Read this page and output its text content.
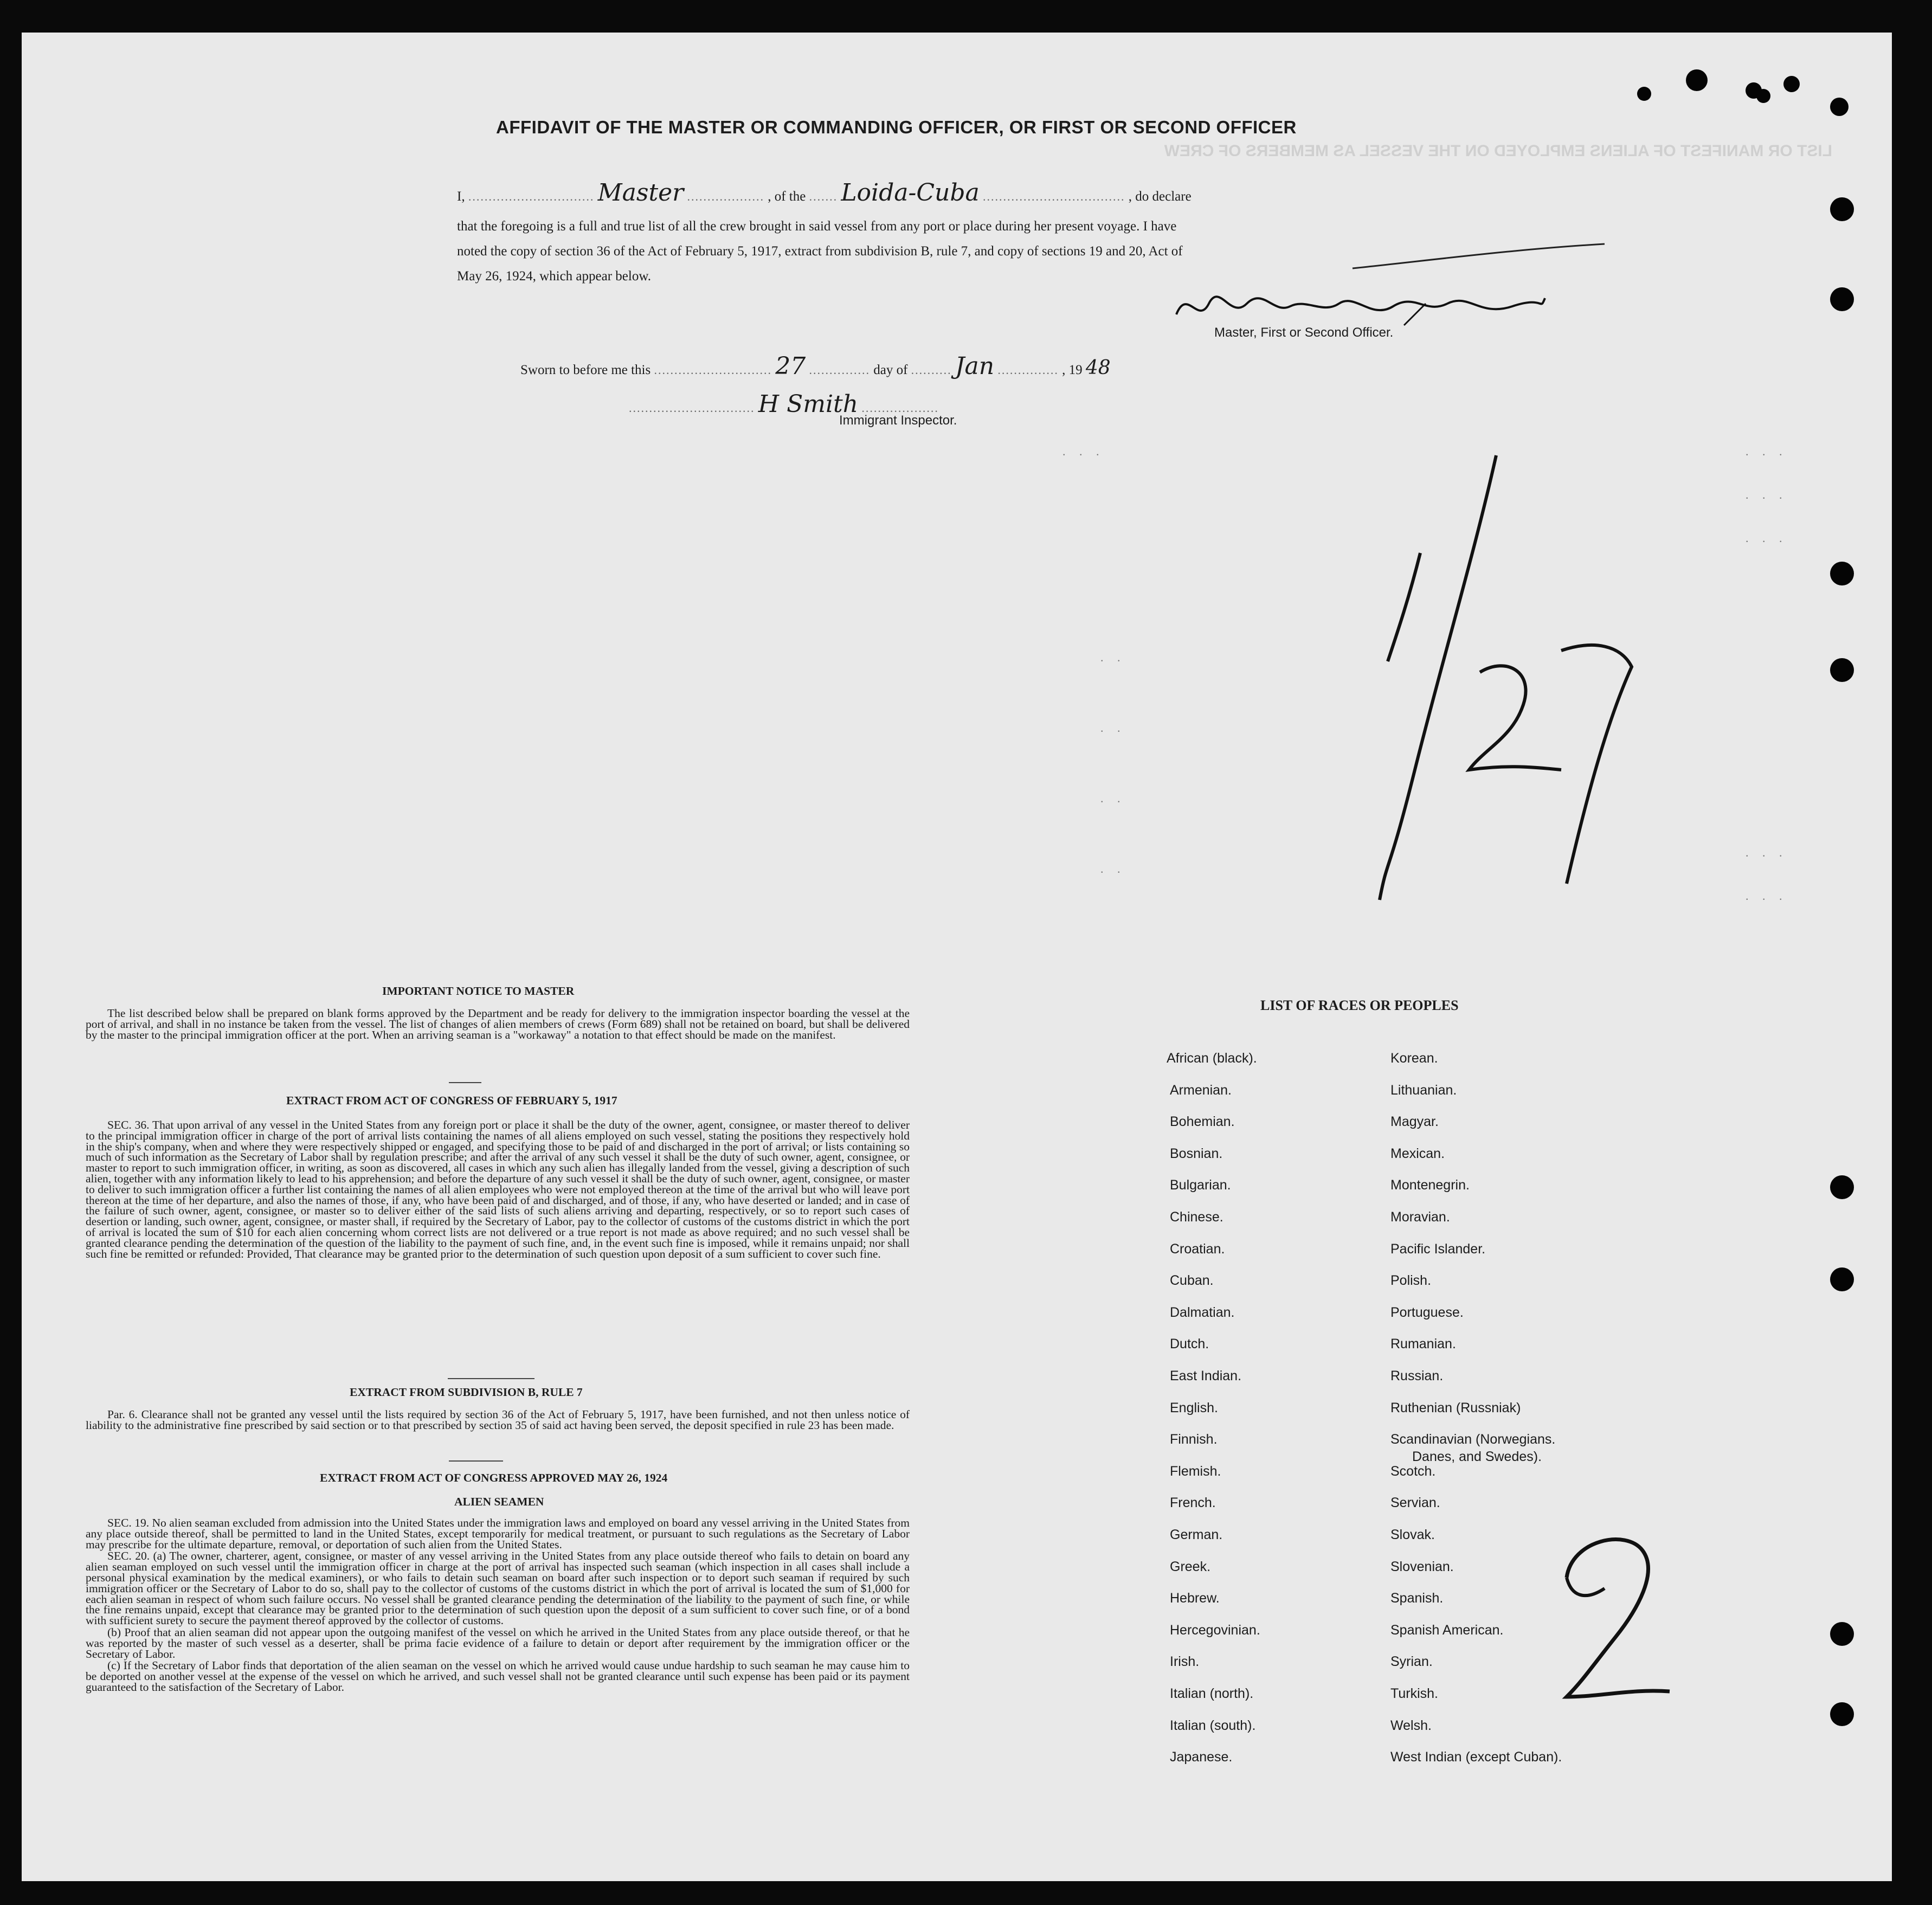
LIST OR MANIFEST OF ALIENS EMPLOYED ON THE VESSEL AS MEMBERS OF CREW
AFFIDAVIT OF THE MASTER OR COMMANDING OFFICER, OR FIRST OR SECOND OFFICER
I, ............................... Master ................... , of the ....... Loida-Cuba ................................... , do declare
that the foregoing is a full and true list of all the crew brought in said vessel from any port or place during her present voyage. I have
noted the copy of section 36 of the Act of February 5, 1917, extract from subdivision B, rule 7, and copy of sections 19 and 20, Act of
May 26, 1924, which appear below.
Master, First or Second Officer.
Sworn to before me this ............................. 27 ............... day of .......... Jan ............... , 19 48
............................... H Smith ...................
Immigrant Inspector.
. . .
. .
. .
. .
. .
. . .
. . .
. . .
. . .
. . .
IMPORTANT NOTICE TO MASTER

The list described below shall be prepared on blank forms approved by the Department and be ready for delivery to the immigration inspector boarding the vessel at the port of arrival, and shall in no instance be taken from the vessel. The list of changes of alien members of crews (Form 689) shall not be retained on board, but shall be delivered by the master to the principal immigration officer at the port. When an arriving seaman is a "workaway" a notation to that effect should be made on the manifest.

EXTRACT FROM ACT OF CONGRESS OF FEBRUARY 5, 1917

SEC. 36. That upon arrival of any vessel in the United States from any foreign port or place it shall be the duty of the owner, agent, consignee, or master thereof to deliver to the principal immigration officer in charge of the port of arrival lists containing the names of all aliens employed on such vessel, stating the positions they respectively hold in the ship's company, when and where they were respectively shipped or engaged, and specifying those to be paid of and discharged in the port of arrival; or lists containing so much of such information as the Secretary of Labor shall by regulation prescribe; and after the arrival of any such vessel it shall be the duty of such owner, agent, consignee, or master to report to such immigration officer, in writing, as soon as discovered, all cases in which any such alien has illegally landed from the vessel, giving a description of such alien, together with any information likely to lead to his apprehension; and before the departure of any such vessel it shall be the duty of such owner, agent, consignee, or master to deliver to such immigration officer a further list containing the names of all alien employees who were not employed thereon at the time of the arrival but who will leave port thereon at the time of her departure, and also the names of those, if any, who have been paid of and discharged, and of those, if any, who have deserted or landed; and in case of the failure of such owner, agent, consignee, or master so to deliver either of the said lists of such aliens arriving and departing, respectively, or so to report such cases of desertion or landing, such owner, agent, consignee, or master shall, if required by the Secretary of Labor, pay to the collector of customs of the customs district in which the port of arrival is located the sum of $10 for each alien concerning whom correct lists are not delivered or a true report is not made as above required; and no such vessel shall be granted clearance pending the determination of the question of the liability to the payment of such fine, and, in the event such fine is imposed, while it remains unpaid; nor shall such fine be remitted or refunded: Provided, That clearance may be granted prior to the determination of such question upon deposit of a sum sufficient to cover such fine.

EXTRACT FROM SUBDIVISION B, RULE 7

Par. 6. Clearance shall not be granted any vessel until the lists required by section 36 of the Act of February 5, 1917, have been furnished, and not then unless notice of liability to the administrative fine prescribed by said section or to that prescribed by section 35 of said act having been served, the deposit specified in rule 23 has been made.

EXTRACT FROM ACT OF CONGRESS APPROVED MAY 26, 1924
ALIEN SEAMEN

SEC. 19. No alien seaman excluded from admission into the United States under the immigration laws and employed on board any vessel arriving in the United States from any place outside thereof, shall be permitted to land in the United States, except temporarily for medical treatment, or pursuant to such regulations as the Secretary of Labor may prescribe for the ultimate departure, removal, or deportation of such alien from the United States.

SEC. 20. (a) The owner, charterer, agent, consignee, or master of any vessel arriving in the United States from any place outside thereof who fails to detain on board any alien seaman employed on such vessel until the immigration officer in charge at the port of arrival has inspected such seaman (which inspection in all cases shall include a personal physical examination by the medical examiners), or who fails to detain such seaman on board after such inspection or to deport such seaman if required by such immigration officer or the Secretary of Labor to do so, shall pay to the collector of customs of the customs district in which the port of arrival is located the sum of $1,000 for each alien seaman in respect of whom such failure occurs. No vessel shall be granted clearance pending the determination of the liability to the payment of such fine, or while the fine remains unpaid, except that clearance may be granted prior to the determination of such question upon the deposit of a sum sufficient to cover such fine, or of a bond with sufficient surety to secure the payment thereof approved by the collector of customs.

(b) Proof that an alien seaman did not appear upon the outgoing manifest of the vessel on which he arrived in the United States from any place outside thereof, or that he was reported by the master of such vessel as a deserter, shall be prima facie evidence of a failure to detain or deport after requirement by the immigration officer or the Secretary of Labor.

(c) If the Secretary of Labor finds that deportation of the alien seaman on the vessel on which he arrived would cause undue hardship to such seaman he may cause him to be deported on another vessel at the expense of the vessel on which he arrived, and such vessel shall not be granted clearance until such expense has been paid or its payment guaranteed to the satisfaction of the Secretary of Labor.

LIST OF RACES OR PEOPLES
African (black).
Armenian.
Bohemian.
Bosnian.
Bulgarian.
Chinese.
Croatian.
Cuban.
Dalmatian.
Dutch.
East Indian.
English.
Finnish.
Flemish.
French.
German.
Greek.
Hebrew.
Hercegovinian.
Irish.
Italian (north).
Italian (south).
Japanese.
Korean.
Lithuanian.
Magyar.
Mexican.
Montenegrin.
Moravian.
Pacific Islander.
Polish.
Portuguese.
Rumanian.
Russian.
Ruthenian (Russniak)
Scandinavian (Norwegians.
Danes, and Swedes).
Scotch.
Servian.
Slovak.
Slovenian.
Spanish.
Spanish American.
Syrian.
Turkish.
Welsh.
West Indian (except Cuban).
